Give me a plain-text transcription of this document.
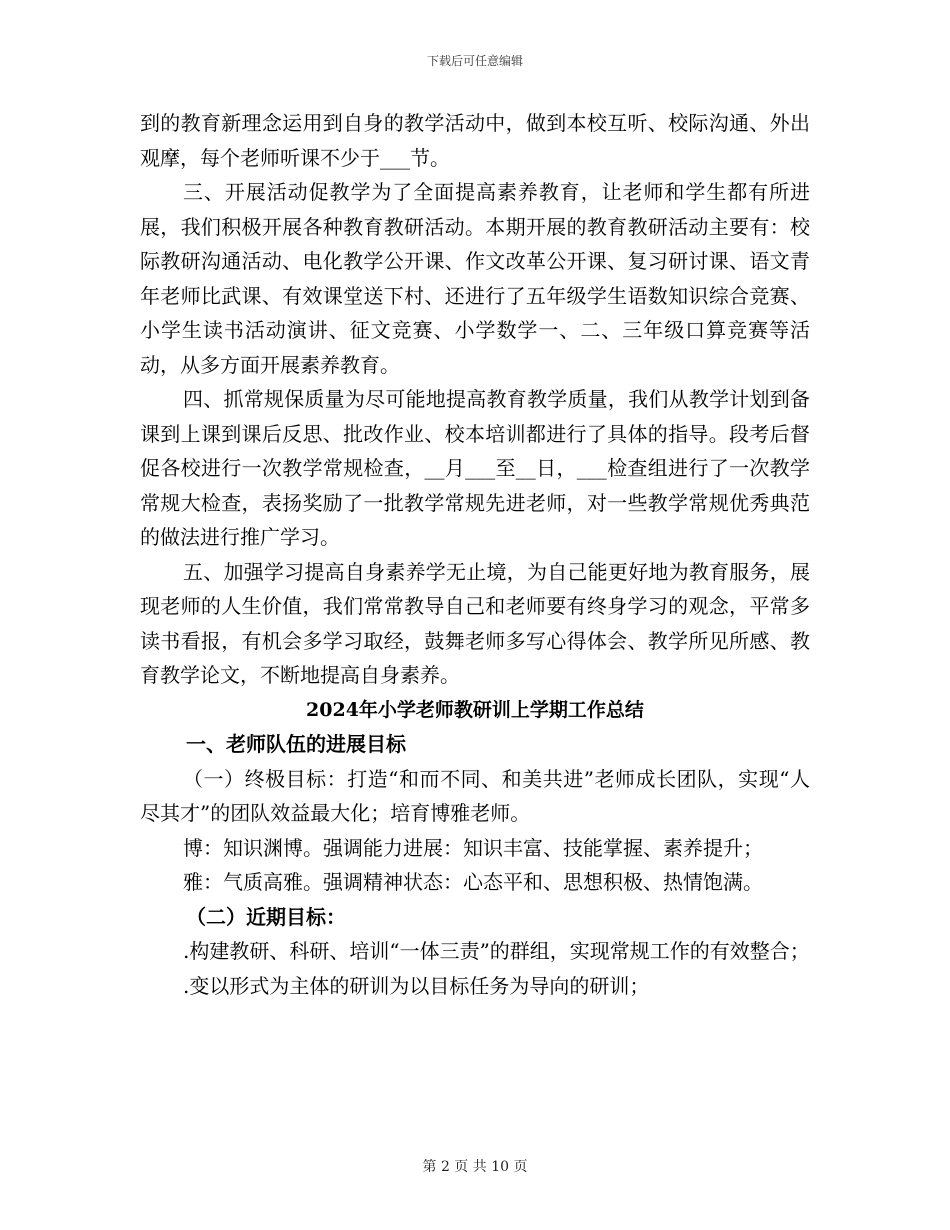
下载后可任意编辑

到的教育新理念运用到自身的教学活动中，做到本校互听、校际沟通、外出观摩，每个老师听课不少于___节。

三、开展活动促教学为了全面提高素养教育，让老师和学生都有所进展，我们积极开展各种教育教研活动。本期开展的教育教研活动主要有：校际教研沟通活动、电化教学公开课、作文改革公开课、复习研讨课、语文青年老师比武课、有效课堂送下村、还进行了五年级学生语数知识综合竞赛、小学生读书活动演讲、征文竞赛、小学数学一、二、三年级口算竞赛等活动，从多方面开展素养教育。

四、抓常规保质量为尽可能地提高教育教学质量，我们从教学计划到备课到上课到课后反思、批改作业、校本培训都进行了具体的指导。段考后督促各校进行一次教学常规检查，__月___至__日，___检查组进行了一次教学常规大检查，表扬奖励了一批教学常规先进老师，对一些教学常规优秀典范的做法进行推广学习。

五、加强学习提高自身素养学无止境，为自己能更好地为教育服务，展现老师的人生价值，我们常常教导自己和老师要有终身学习的观念，平常多读书看报，有机会多学习取经，鼓舞老师多写心得体会、教学所见所感、教育教学论文，不断地提高自身素养。

2024年小学老师教研训上学期工作总结

一、老师队伍的进展目标

（一）终极目标：打造“和而不同、和美共进”老师成长团队，实现“人尽其才”的团队效益最大化；培育博雅老师。

博：知识渊博。强调能力进展：知识丰富、技能掌握、素养提升；

雅：气质高雅。强调精神状态：心态平和、思想积极、热情饱满。

（二）近期目标：

.构建教研、科研、培训“一体三责”的群组，实现常规工作的有效整合；

.变以形式为主体的研训为以目标任务为导向的研训；

第 2 页 共 10 页
